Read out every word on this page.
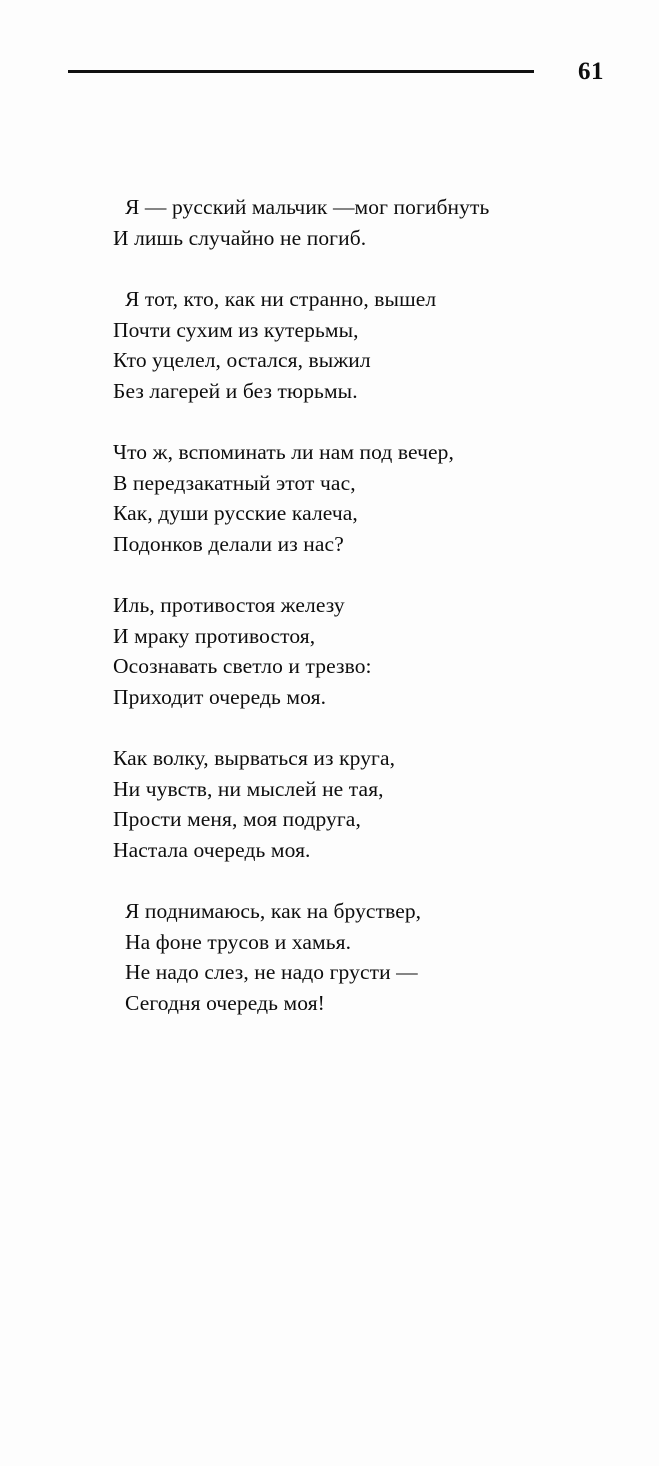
61
Я — русский мальчик —мог погибнуть
И лишь случайно не погиб.
Я тот, кто, как ни странно, вышел
Почти сухим из кутерьмы,
Кто уцелел, остался, выжил
Без лагерей и без тюрьмы.
Что ж, вспоминать ли нам под вечер,
В передзакатный этот час,
Как, души русские калеча,
Подонков делали из нас?
Иль, противостоя железу
И мраку противостоя,
Осознавать светло и трезво:
Приходит очередь моя.
Как волку, вырваться из круга,
Ни чувств, ни мыслей не тая,
Прости меня, моя подруга,
Настала очередь моя.
Я поднимаюсь, как на бруствер,
На фоне трусов и хамья.
Не надо слез, не надо грусти —
Сегодня очередь моя!
